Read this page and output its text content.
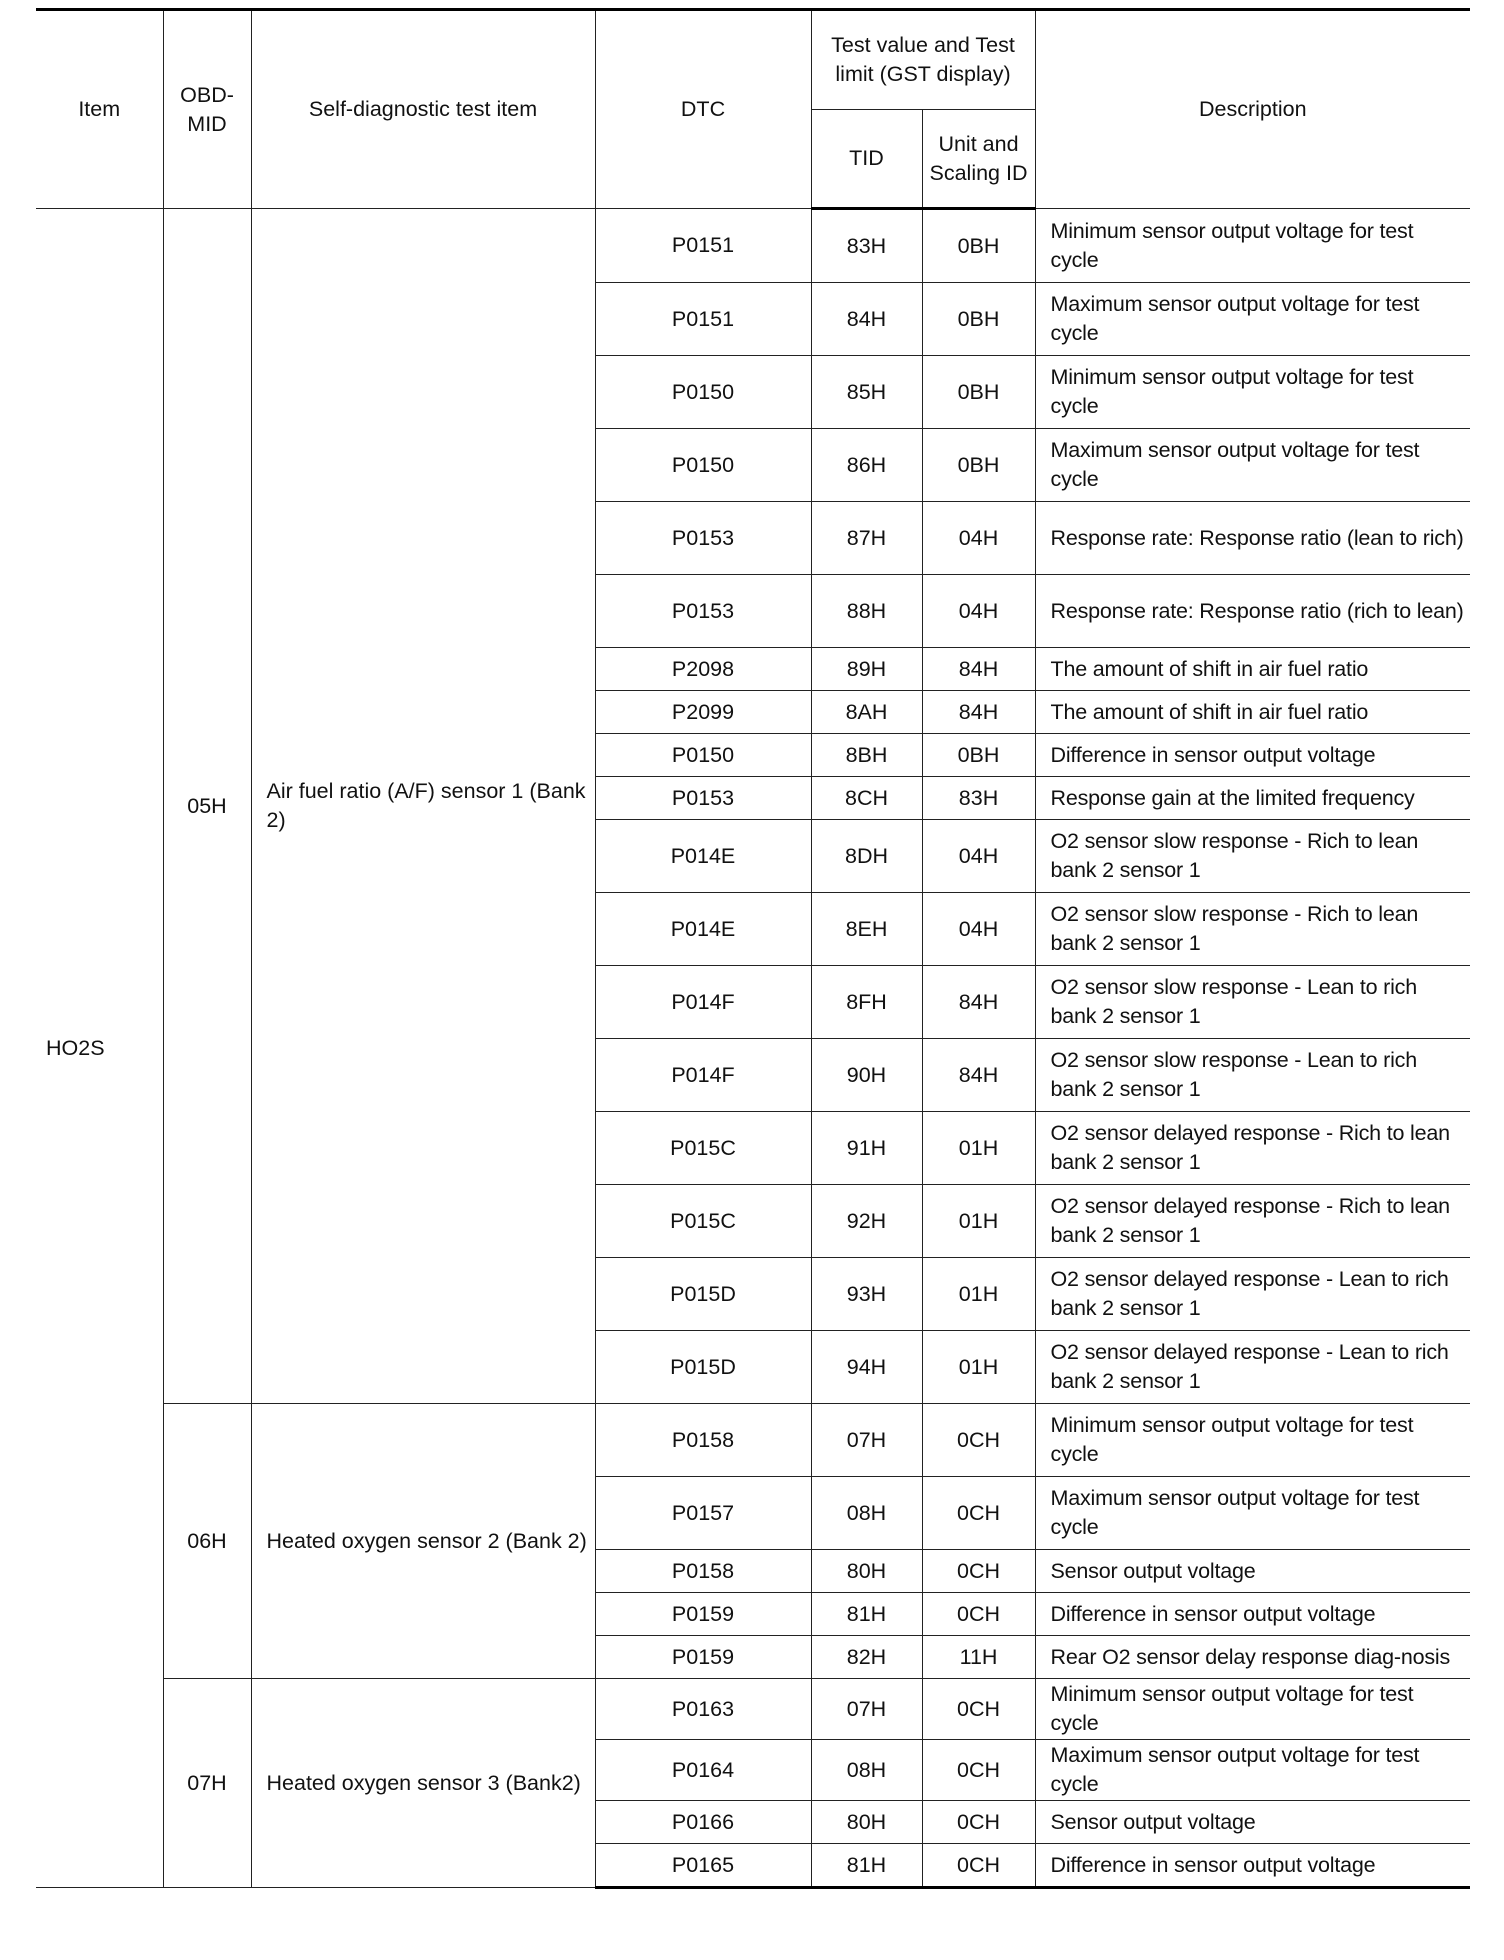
Item	OBD-MID	Self-diagnostic test item	DTC	Test value and Test limit (GST display)		Description
				TID	Unit and Scaling ID	
HO2S	05H	Air fuel ratio (A/F) sensor 1 (Bank 2)	P0151	83H	0BH	Minimum sensor output voltage for test cycle
			P0151	84H	0BH	Maximum sensor output voltage for test cycle
			P0150	85H	0BH	Minimum sensor output voltage for test cycle
			P0150	86H	0BH	Maximum sensor output voltage for test cycle
			P0153	87H	04H	Response rate: Response ratio (lean to rich)
			P0153	88H	04H	Response rate: Response ratio (rich to lean)
			P2098	89H	84H	The amount of shift in air fuel ratio
			P2099	8AH	84H	The amount of shift in air fuel ratio
			P0150	8BH	0BH	Difference in sensor output voltage
			P0153	8CH	83H	Response gain at the limited frequency
			P014E	8DH	04H	O2 sensor slow response - Rich to lean bank 2 sensor 1
			P014E	8EH	04H	O2 sensor slow response - Rich to lean bank 2 sensor 1
			P014F	8FH	84H	O2 sensor slow response - Lean to rich bank 2 sensor 1
			P014F	90H	84H	O2 sensor slow response - Lean to rich bank 2 sensor 1
			P015C	91H	01H	O2 sensor delayed response - Rich to lean bank 2 sensor 1
			P015C	92H	01H	O2 sensor delayed response - Rich to lean bank 2 sensor 1
			P015D	93H	01H	O2 sensor delayed response - Lean to rich bank 2 sensor 1
			P015D	94H	01H	O2 sensor delayed response - Lean to rich bank 2 sensor 1
	06H	Heated oxygen sensor 2 (Bank 2)	P0158	07H	0CH	Minimum sensor output voltage for test cycle
			P0157	08H	0CH	Maximum sensor output voltage for test cycle
			P0158	80H	0CH	Sensor output voltage
			P0159	81H	0CH	Difference in sensor output voltage
			P0159	82H	11H	Rear O2 sensor delay response diag-nosis
	07H	Heated oxygen sensor 3 (Bank2)	P0163	07H	0CH	Minimum sensor output voltage for test cycle
			P0164	08H	0CH	Maximum sensor output voltage for test cycle
			P0166	80H	0CH	Sensor output voltage
			P0165	81H	0CH	Difference in sensor output voltage
